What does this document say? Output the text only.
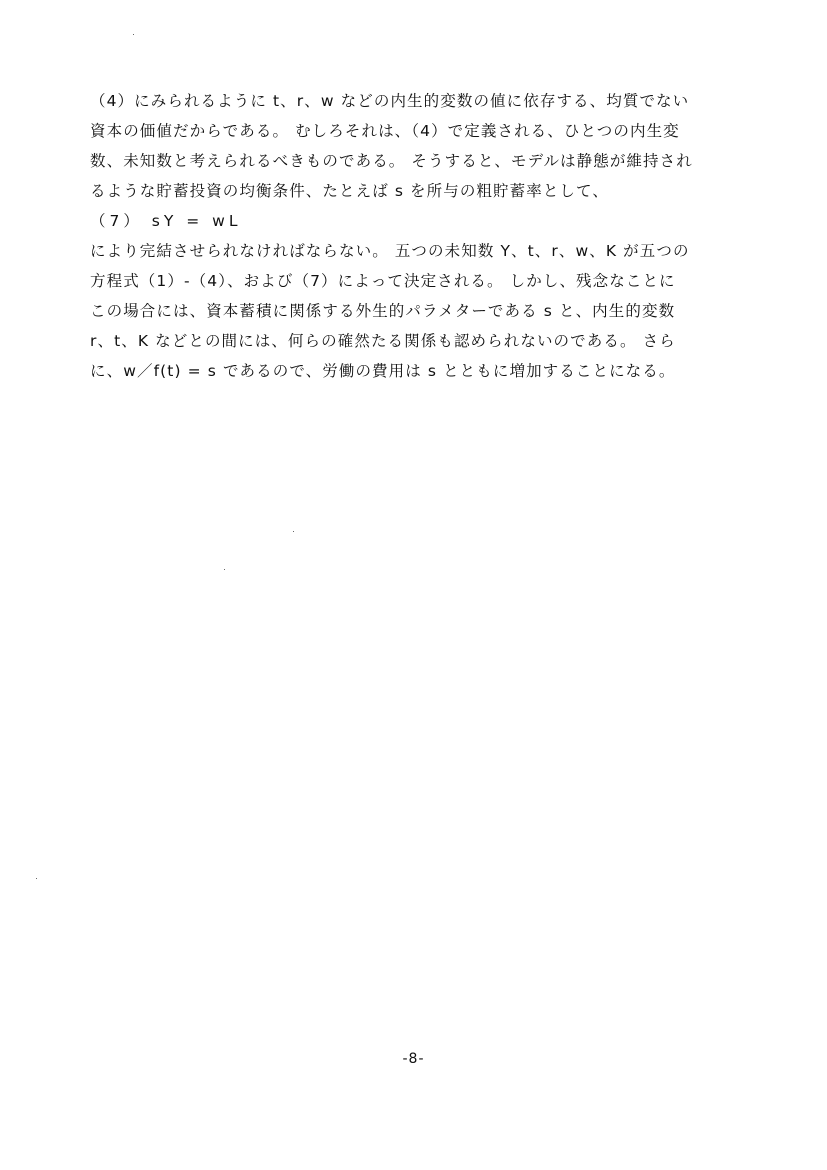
（4）にみられるように t、r、w などの内生的変数の値に依存する、均質でない
資本の価値だからである。 むしろそれは、（4）で定義される、ひとつの内生変
数、未知数と考えられるべきものである。 そうすると、モデルは静態が維持され
るような貯蓄投資の均衡条件、たとえば s を所与の粗貯蓄率として、
（7） sY = wL
により完結させられなければならない。 五つの未知数 Y、t、r、w、K が五つの
方程式（1）-（4）、および（7）によって決定される。 しかし、残念なことに
この場合には、資本蓄積に関係する外生的パラメターである s と、内生的変数
r、t、K などとの間には、何らの確然たる関係も認められないのである。 さら
に、w／f(t) = s であるので、労働の費用は s とともに増加することになる。
-8-
